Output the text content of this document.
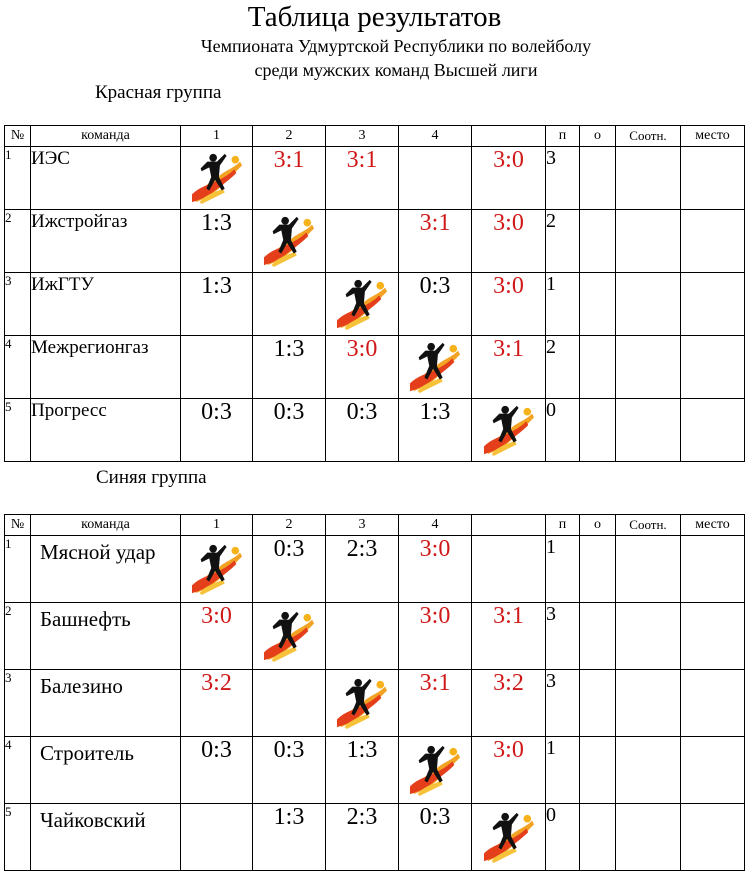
Таблица результатов
Чемпионата Удмуртской Республики по волейболу
среди мужских команд Высшей лиги
Красная группа
№	команда	1	2	3	4		п	о	Соотн.	место
1	ИЭС		3:1	3:1		3:0	3			
2	Ижстройгаз	1:3			3:1	3:0	2			
3	ИжГТУ	1:3			0:3	3:0	1			
4	Межрегионгаз		1:3	3:0		3:1	2			
5	Прогресс	0:3	0:3	0:3	1:3		0			
Синяя группа
№	команда	1	2	3	4		п	о	Соотн.	место
1	Мясной удар		0:3	2:3	3:0		1			
2	Башнефть	3:0			3:0	3:1	3			
3	Балезино	3:2			3:1	3:2	3			
4	Строитель	0:3	0:3	1:3		3:0	1			
5	Чайковский		1:3	2:3	0:3		0			
